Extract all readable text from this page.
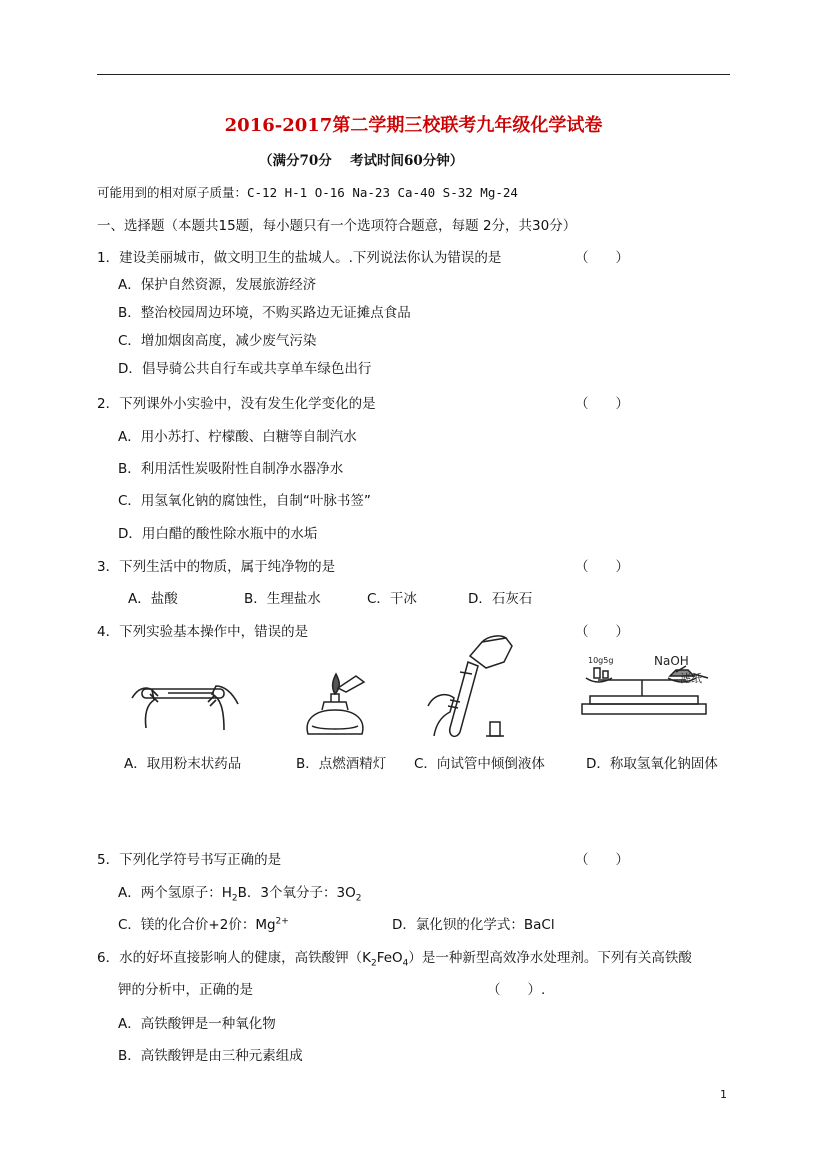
2016-2017第二学期三校联考九年级化学试卷
（满分70分　 考试时间60分钟）
可能用到的相对原子质量：C-12 H-1 O-16 Na-23 Ca-40 S-32 Mg-24
一、选择题（本题共15题，每小题只有一个选项符合题意，每题 2分，共30分）
1．建设美丽城市，做文明卫生的盐城人。.下列说法你认为错误的是	（　　）
A．保护自然资源，发展旅游经济
B．整治校园周边环境，不购买路边无证摊点食品
C．增加烟囱高度，减少废气污染
D．倡导骑公共自行车或共享单车绿色出行
2．下列课外小实验中，没有发生化学变化的是	（　　）
A．用小苏打、柠檬酸、白糖等自制汽水
B．利用活性炭吸附性自制净水器净水
C．用氢氧化钠的腐蚀性，自制“叶脉书签”
D．用白醋的酸性除水瓶中的水垢
3．下列生活中的物质，属于纯净物的是	（　　）
A．盐酸	B．生理盐水	C．干冰	D．石灰石
4．下列实验基本操作中，错误的是	（　　）
10g5g	NaOH
滤纸
A．取用粉末状药品	B．点燃酒精灯 C．向试管中倾倒液体	D．称取氢氧化钠固体
5．下列化学符号书写正确的是	（　　）
A．两个氢原子：$H_2B$．3个氧分子：$3O_2$
C．镁的化合价+2价：$Mg^{2+}$	D．氯化钡的化学式：BaCl
6．水的好坏直接影响人的健康，高铁酸钾$(K_2FeO_4)$是一种新型高效净水处理剂。下列有关高铁酸
钾的分析中，正确的是	（　　）.
A．高铁酸钾是一种氧化物
B．高铁酸钾是由三种元素组成
1
